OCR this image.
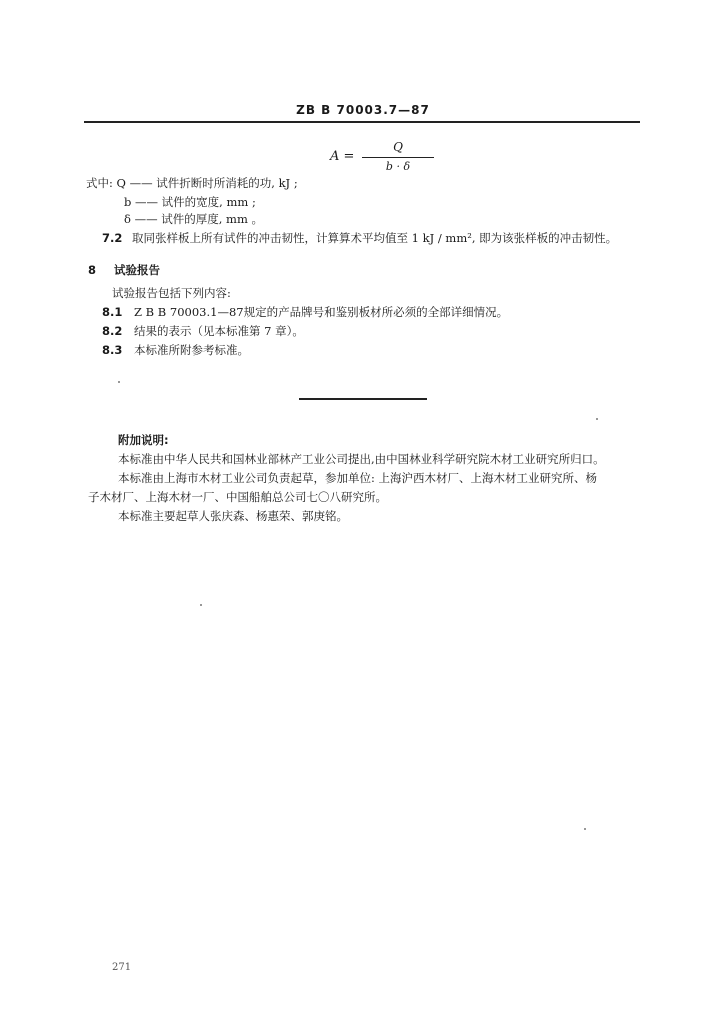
ZB B 70003.7—87
A =
Q
b · δ
式中: Q —— 试件折断时所消耗的功, kJ ;
b —— 试件的宽度, mm ;
δ —— 试件的厚度, mm 。
7.2 取同张样板上所有试件的冲击韧性，计算算术平均值至 1 kJ / mm², 即为该张样板的冲击韧性。
8 试验报告
试验报告包括下列内容:
8.1 Z B B 70003.1—87规定的产品牌号和鉴别板材所必须的全部详细情况。
8.2 结果的表示（见本标准第 7 章）。
8.3 本标准所附参考标准。
附加说明:
本标准由中华人民共和国林业部林产工业公司提出,由中国林业科学研究院木材工业研究所归口。
本标准由上海市木材工业公司负责起草，参加单位: 上海沪西木材厂、上海木材工业研究所、杨
子木材厂、上海木材一厂、中国船舶总公司七〇八研究所。
本标准主要起草人张庆森、杨惠荣、郭庚铭。
271
